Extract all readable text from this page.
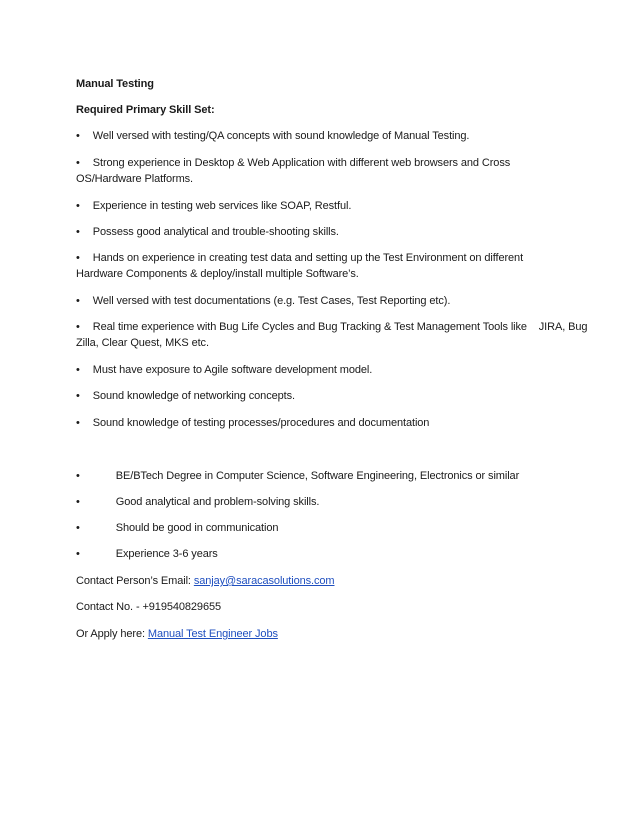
Manual Testing
Required Primary Skill Set:
• Well versed with testing/QA concepts with sound knowledge of Manual Testing.
• Strong experience in Desktop & Web Application with different web browsers and Cross
OS/Hardware Platforms.
• Experience in testing web services like SOAP, Restful.
• Possess good analytical and trouble-shooting skills.
• Hands on experience in creating test data and setting up the Test Environment on different
Hardware Components & deploy/install multiple Software’s.
• Well versed with test documentations (e.g. Test Cases, Test Reporting etc).
• Real time experience with Bug Life Cycles and Bug Tracking & Test Management Tools like    JIRA, Bug
Zilla, Clear Quest, MKS etc.
• Must have exposure to Agile software development model.
• Sound knowledge of networking concepts.
• Sound knowledge of testing processes/procedures and documentation
•	BE/BTech Degree in Computer Science, Software Engineering, Electronics or similar
•	Good analytical and problem-solving skills.
•	Should be good in communication
•	Experience 3-6 years
Contact Person’s Email: sanjay@saracasolutions.com
Contact No. - +919540829655
Or Apply here: Manual Test Engineer Jobs
